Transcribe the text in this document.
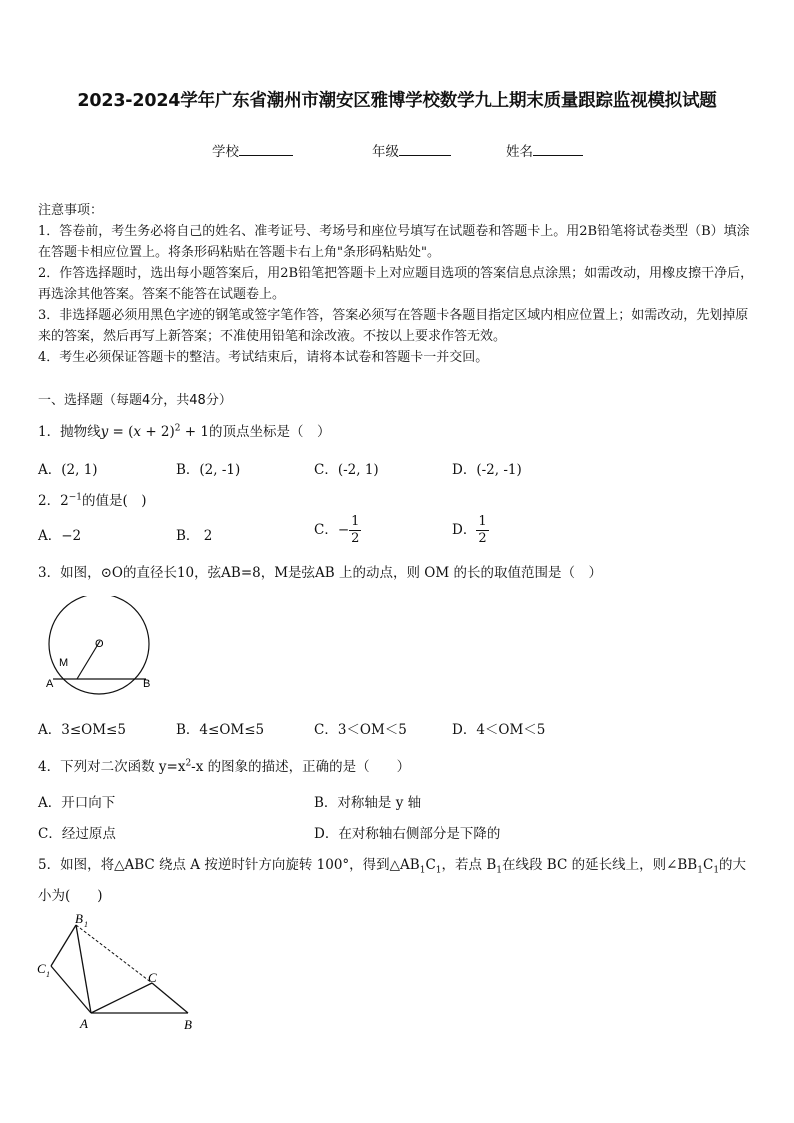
2023-2024学年广东省潮州市潮安区雅博学校数学九上期末质量跟踪监视模拟试题
学校	年级	姓名

注意事项：

1．答卷前，考生务必将自己的姓名、准考证号、考场号和座位号填写在试题卷和答题卡上。用2B铅笔将试卷类型（B）填涂在答题卡相应位置上。将条形码粘贴在答题卡右上角"条形码粘贴处"。

2．作答选择题时，选出每小题答案后，用2B铅笔把答题卡上对应题目选项的答案信息点涂黑；如需改动，用橡皮擦干净后，再选涂其他答案。答案不能答在试题卷上。

3．非选择题必须用黑色字迹的钢笔或签字笔作答，答案必须写在答题卡各题目指定区域内相应位置上；如需改动，先划掉原来的答案，然后再写上新答案；不准使用铅笔和涂改液。不按以上要求作答无效。

4．考生必须保证答题卡的整洁。考试结束后，请将本试卷和答题卡一并交回。

一、选择题（每题4分，共48分）
1．抛物线$y = (x + 2)^2 + 1$的顶点坐标是（　）
A．(2, 1)	B．(2, -1)	C．(-2, 1)	D．(-2, -1)
2．$2^{-1}$的值是(　)
A．−2	B． 2	C．− $\frac{1}{2}$	D． $\frac{1}{2}$
3．如图，⊙O的直径长10，弦AB=8，M是弦AB 上的动点，则 OM 的长的取值范围是（　）
O
M
A	B
A．3≤OM≤5	B．4≤OM≤5	C．3＜OM＜5	D．4＜OM＜5
4．下列对二次函数 $y=x^2-x$ 的图象的描述，正确的是（　　）
A．开口向下	B．对称轴是 y 轴
C．经过原点	D．在对称轴右侧部分是下降的
5．如图，将△ABC 绕点 A 按逆时针方向旋转 100°，得到$\triangle AB_1C_1$，若点 $B_1$在线段 BC 的延长线上，则$\angle BB_1C_1$的大
小为(　　)
B 1
C 1	C
A	B
